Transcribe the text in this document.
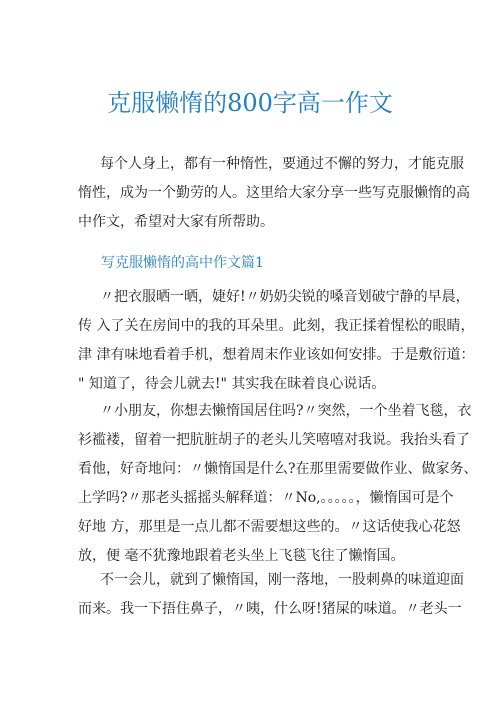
克服懒惰的800字高一作文
每个人身上，都有一种惰性，要通过不懈的努力，才能克服
惰性，成为一个勤劳的人。这里给大家分享一些写克服懒惰的高
中作文，希望对大家有所帮助。
写克服懒惰的高中作文篇1
〃把衣服晒一晒，婕好!〃奶奶尖锐的嗓音划破宁静的早晨，
传 入了关在房间中的我的耳朵里。此刻，我正揉着惺松的眼睛，
津 津有味地看着手机，想着周末作业该如何安排。于是敷衍道：
" 知道了，待会儿就去!" 其实我在昧着良心说话。
〃小朋友，你想去懒惰国居住吗?〃突然，一个坐着飞毯，衣
衫褴褛，留着一把肮脏胡子的老头儿笑嘻嘻对我说。我抬头看了
看他，好奇地问：〃懒惰国是什么?在那里需要做作业、做家务、
上学吗?〃那老头摇摇头解释道：〃No,。。。。。，懒惰国可是个
好地 方，那里是一点儿都不需要想这些的。〃这话使我心花怒
放，便 毫不犹豫地跟着老头坐上飞毯飞往了懒惰国。
不一会儿，就到了懒惰国，刚一落地，一股刺鼻的味道迎面
而来。我一下捂住鼻子，〃咦，什么呀!猪屎的味道。〃老头一
